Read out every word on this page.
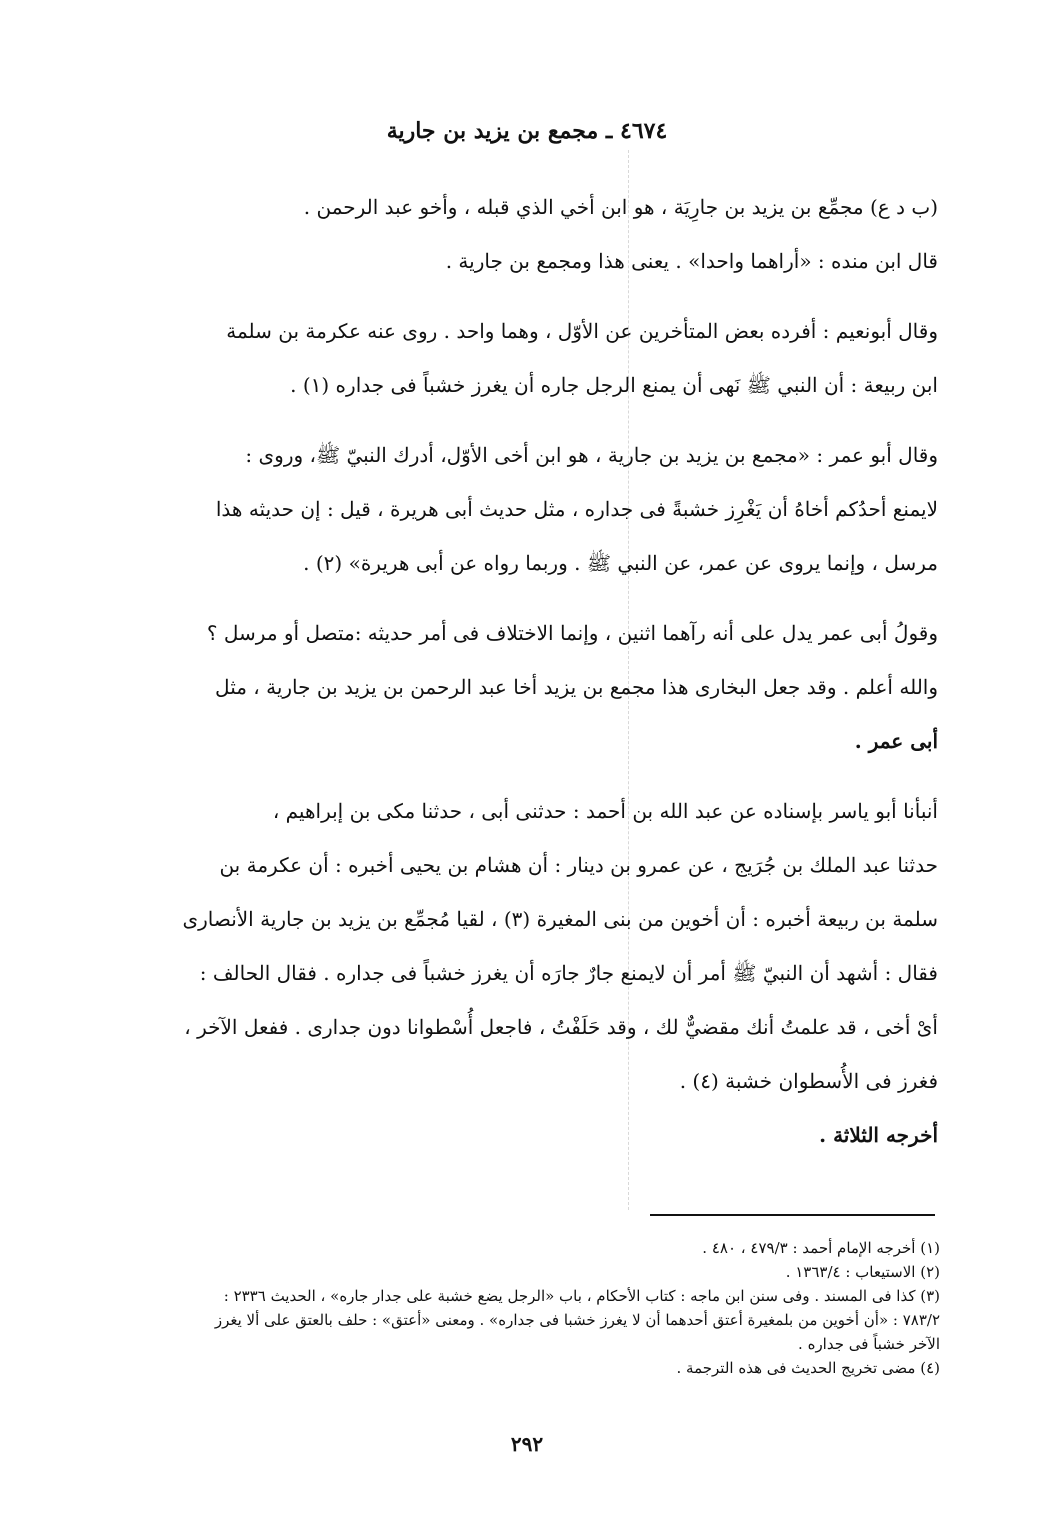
٤٦٧٤ ـ مجمع بن يزيد بن جارية
(ب د ع) مجمِّع بن يزيد بن جارِيَة ، هو ابن أخي الذي قبله ، وأخو عبد الرحمن .
قال ابن منده : «أراهما واحدا» . يعنى هذا ومجمع بن جارية .
وقال أبونعيم : أفرده بعض المتأخرين عن الأوّل ، وهما واحد . روى عنه عكرمة بن سلمة
ابن ربيعة : أن النبي ﷺ نَهى أن يمنع الرجل جاره أن يغرز خشباً فى جداره (١) .
وقال أبو عمر : «مجمع بن يزيد بن جارية ، هو ابن أخى الأوّل، أدرك النبيّ ﷺ، وروى :
لايمنع أحدُكم أخاهُ أن يَغْرِز خشبةً فى جداره ، مثل حديث أبى هريرة ، قيل : إن حديثه هذا
مرسل ، وإنما يروى عن عمر، عن النبي ﷺ . وربما رواه عن أبى هريرة» (٢) .
وقولُ أبى عمر يدل على أنه رآهما اثنين ، وإنما الاختلاف فى أمر حديثه :متصل أو مرسل ؟
والله أعلم . وقد جعل البخارى هذا مجمع بن يزيد أخا عبد الرحمن بن يزيد بن جارية ، مثل
أبى عمر .
أنبأنا أبو ياسر بإسناده عن عبد الله بن أحمد : حدثنى أبى ، حدثنا مكى بن إبراهيم ،
حدثنا عبد الملك بن جُرَيج ، عن عمرو بن دينار : أن هشام بن يحيى أخبره : أن عكرمة بن
سلمة بن ربيعة أخبره : أن أخوين من بنى المغيرة (٣) ، لقيا مُجمِّع بن يزيد بن جارية الأنصارى
فقال : أشهد أن النبيّ ﷺ أمر أن لايمنع جارٌ جارَه أن يغرز خشباً فى جداره . فقال الحالف :
أىْ أخى ، قد علمتُ أنك مقضيٌّ لك ، وقد حَلَفْتُ ، فاجعل أُسْطوانا دون جدارى . ففعل الآخر ،
فغرز فى الأُسطوان خشبة (٤) .
أخرجه الثلاثة .
(١) أخرجه الإمام أحمد : ٤٧٩/٣ ، ٤٨٠ .
(٢) الاستيعاب : ١٣٦٣/٤ .
(٣) كذا فى المسند . وفى سنن ابن ماجه : كتاب الأحكام ، باب «الرجل يضع خشبة على جدار جاره» ، الحديث ٢٣٣٦ :
٧٨٣/٢ : «أن أخوين من بلمغيرة أعتق أحدهما أن لا يغرز خشبا فى جداره» . ومعنى «أعتق» : حلف بالعتق على ألا يغرز
الآخر خشباً فى جداره .
(٤) مضى تخريج الحديث فى هذه الترجمة .
٢٩٢
